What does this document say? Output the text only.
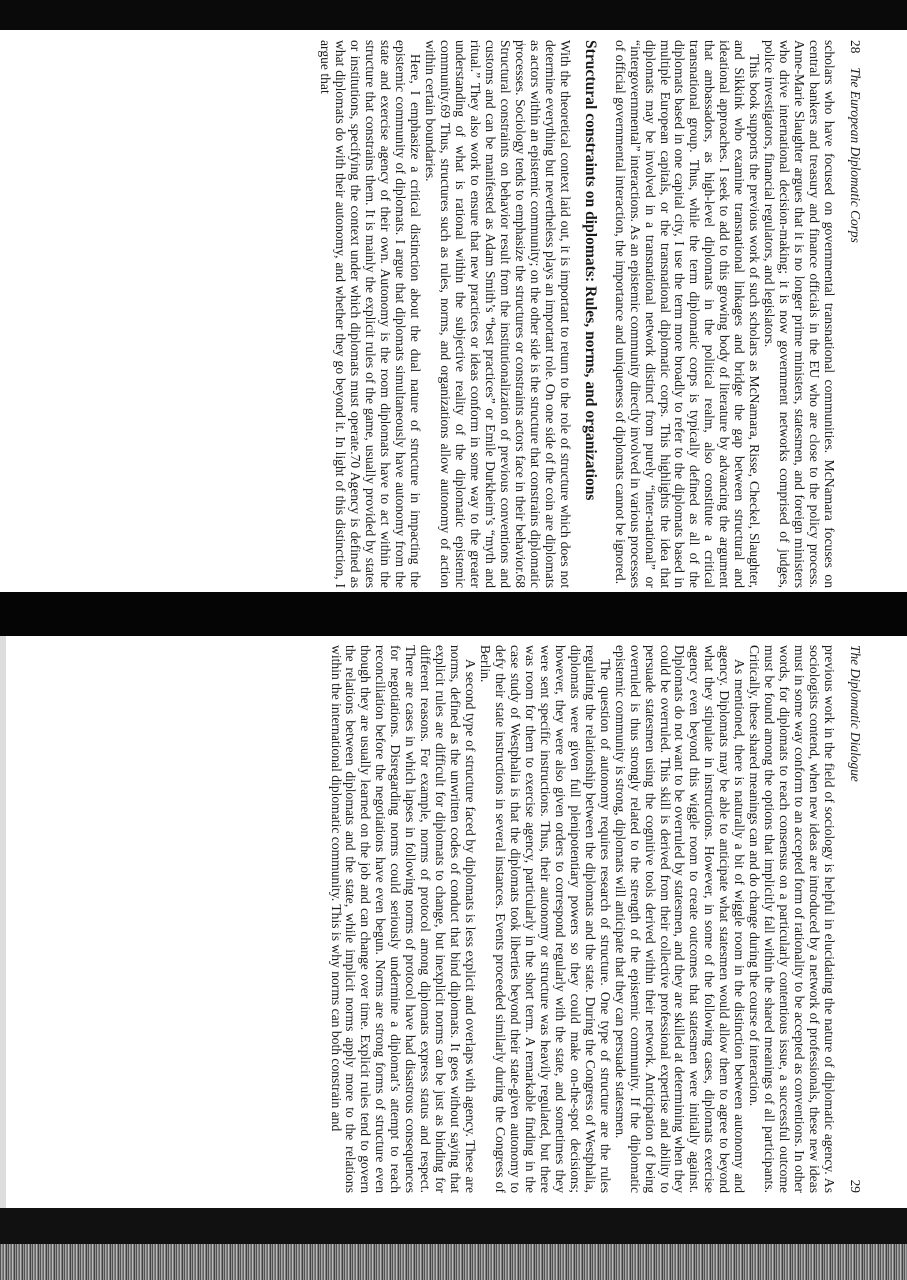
28
The European Diplomatic Corps

scholars who have focused on governmental transnational communities. McNamara focuses on central bankers and treasury and finance officials in the EU who are close to the policy process. Anne-Marie Slaughter argues that it is no longer prime ministers, statesmen, and foreign ministers who drive international decision-making; it is now government networks comprised of judges, police investigators, financial regulators, and legislators.

This book supports the previous work of such scholars as McNamara, Risse, Checkel, Slaughter, and Sikkink who examine transnational linkages and bridge the gap between structural and ideational approaches. I seek to add to this growing body of literature by advancing the argument that ambassadors, as high-level diplomats in the political realm, also constitute a critical transnational group. Thus, while the term diplomatic corps is typically defined as all of the diplomats based in one capital city, I use the term more broadly to refer to the diplomats based in multiple European capitals, or the transnational diplomatic corps. This highlights the idea that diplomats may be involved in a transnational network distinct from purely “inter-national” or “intergovernmental” interactions. As an epistemic community directly involved in various processes of official governmental interaction, the importance and uniqueness of diplomats cannot be ignored.

Structural constraints on diplomats: Rules, norms, and organizations

With the theoretical context laid out, it is important to return to the role of structure which does not determine everything but nevertheless plays an important role. On one side of the coin are diplomats as actors within an epistemic community; on the other side is the structure that constrains diplomatic processes. Sociology tends to emphasize the structures or constraints actors face in their behavior.68 Structural constraints on behavior result from the institutionalization of previous conventions and customs and can be manifested as Adam Smith’s “best practices” or Emile Durkheim’s “myth and ritual.” They also work to ensure that new practices or ideas conform in some way to the greater understanding of what is rational within the subjective reality of the diplomatic epistemic community.69 Thus, structures such as rules, norms, and organizations allow autonomy of action within certain boundaries.

Here, I emphasize a critical distinction about the dual nature of structure in impacting the epistemic community of diplomats. I argue that diplomats simultaneously have autonomy from the state and exercise agency of their own. Autonomy is the room diplomats have to act within the structure that constrains them. It is mainly the explicit rules of the game, usually provided by states or institutions, specifying the context under which diplomats must operate.70 Agency is defined as what diplomats do with their autonomy, and whether they go beyond it. In light of this distinction, I argue that

The Diplomatic Dialogue
29

previous work in the field of sociology is helpful in elucidating the nature of diplomatic agency. As sociologists contend, when new ideas are introduced by a network of professionals, these new ideas must in some way conform to an accepted form of rationality to be accepted as conventions. In other words, for diplomats to reach consensus on a particularly contentious issue, a successful outcome must be found among the options that implicitly fall within the shared meanings of all participants. Critically, these shared meanings can and do change during the course of interaction.

As mentioned, there is naturally a bit of wiggle room in the distinction between autonomy and agency. Diplomats may be able to anticipate what statesmen would allow them to agree to beyond what they stipulate in instructions. However, in some of the following cases, diplomats exercise agency even beyond this wiggle room to create outcomes that statesmen were initially against. Diplomats do not want to be overruled by statesmen, and they are skilled at determining when they could be overruled. This skill is derived from their collective professional expertise and ability to persuade statesmen using the cognitive tools derived within their network. Anticipation of being overruled is thus strongly related to the strength of the epistemic community. If the diplomatic epistemic community is strong, diplomats will anticipate that they can persuade statesmen.

The question of autonomy requires research of structure. One type of structure are the rules regulating the relationship between the diplomats and the state. During the Congress of Westphalia, diplomats were given full plenipotentiary powers so they could make on-the-spot decisions; however, they were also given orders to correspond regularly with the state, and sometimes they were sent specific instructions. Thus, their autonomy or structure was heavily regulated, but there was room for them to exercise agency, particularly in the short term. A remarkable finding in the case study of Westphalia is that the diplomats took liberties beyond their state-given autonomy to defy their state instructions in several instances. Events proceeded similarly during the Congress of Berlin.

A second type of structure faced by diplomats is less explicit and overlaps with agency. These are norms, defined as the unwritten codes of conduct that bind diplomats. It goes without saying that explicit rules are difficult for diplomats to change, but inexplicit norms can be just as binding for different reasons. For example, norms of protocol among diplomats express status and respect. There are cases in which lapses in following norms of protocol have had disastrous consequences for negotiations. Disregarding norms could seriously undermine a diplomat’s attempt to reach reconciliation before the negotiations have even begun. Norms are strong forms of structure even though they are usually learned on the job and can change over time. Explicit rules tend to govern the relations between diplomats and the state, while implicit norms apply more to the relations within the international diplomatic community. This is why norms can both constrain and
